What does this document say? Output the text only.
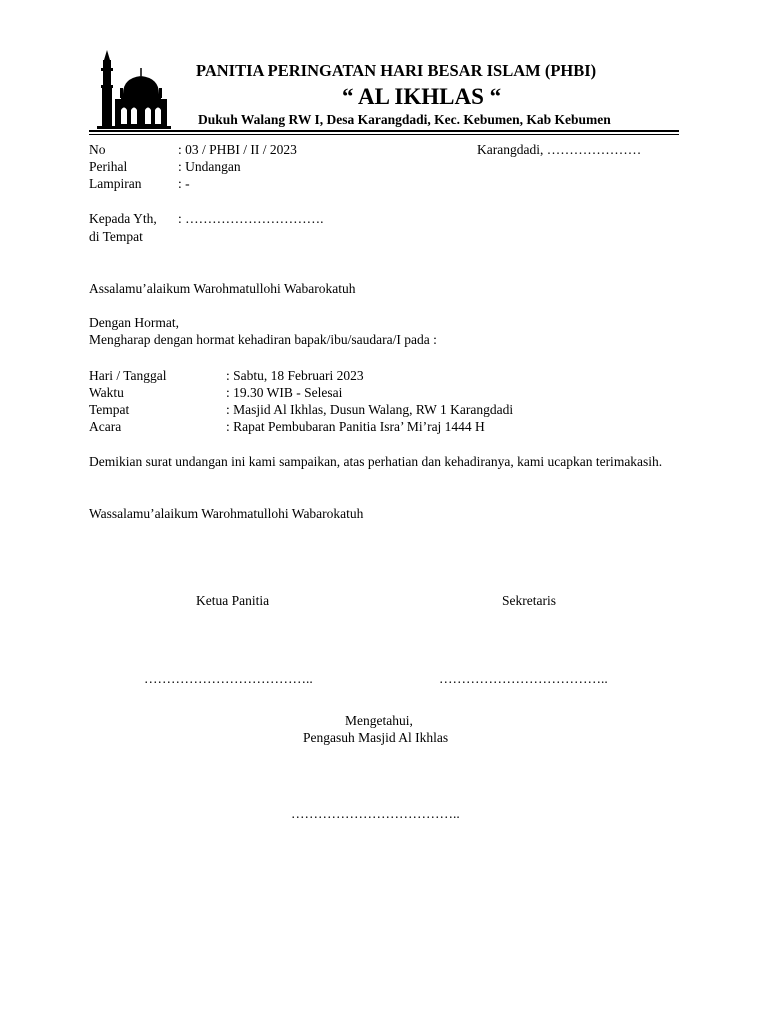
PANITIA PERINGATAN HARI BESAR ISLAM (PHBI)
“ AL IKHLAS “
Dukuh Walang RW I, Desa Karangdadi, Kec. Kebumen, Kab Kebumen
No	: 03 / PHBI / II / 2023	Karangdadi, …………………
Perihal	: Undangan
Lampiran	: -
Kepada Yth, : ………………………….
di Tempat
Assalamu’alaikum Warohmatullohi Wabarokatuh
Dengan Hormat,
Mengharap dengan hormat kehadiran bapak/ibu/saudara/I pada :
Hari / Tanggal	: Sabtu, 18 Februari 2023
Waktu	: 19.30 WIB - Selesai
Tempat	: Masjid Al Ikhlas, Dusun Walang, RW 1 Karangdadi
Acara	: Rapat Pembubaran Panitia Isra’ Mi’raj 1444 H
Demikian surat undangan ini kami sampaikan, atas perhatian dan kehadiranya, kami ucapkan terimakasih.
Wassalamu’alaikum Warohmatullohi Wabarokatuh
Ketua Panitia	Sekretaris
………………………………..	………………………………..
Mengetahui,
Pengasuh Masjid Al Ikhlas
………………………………..
